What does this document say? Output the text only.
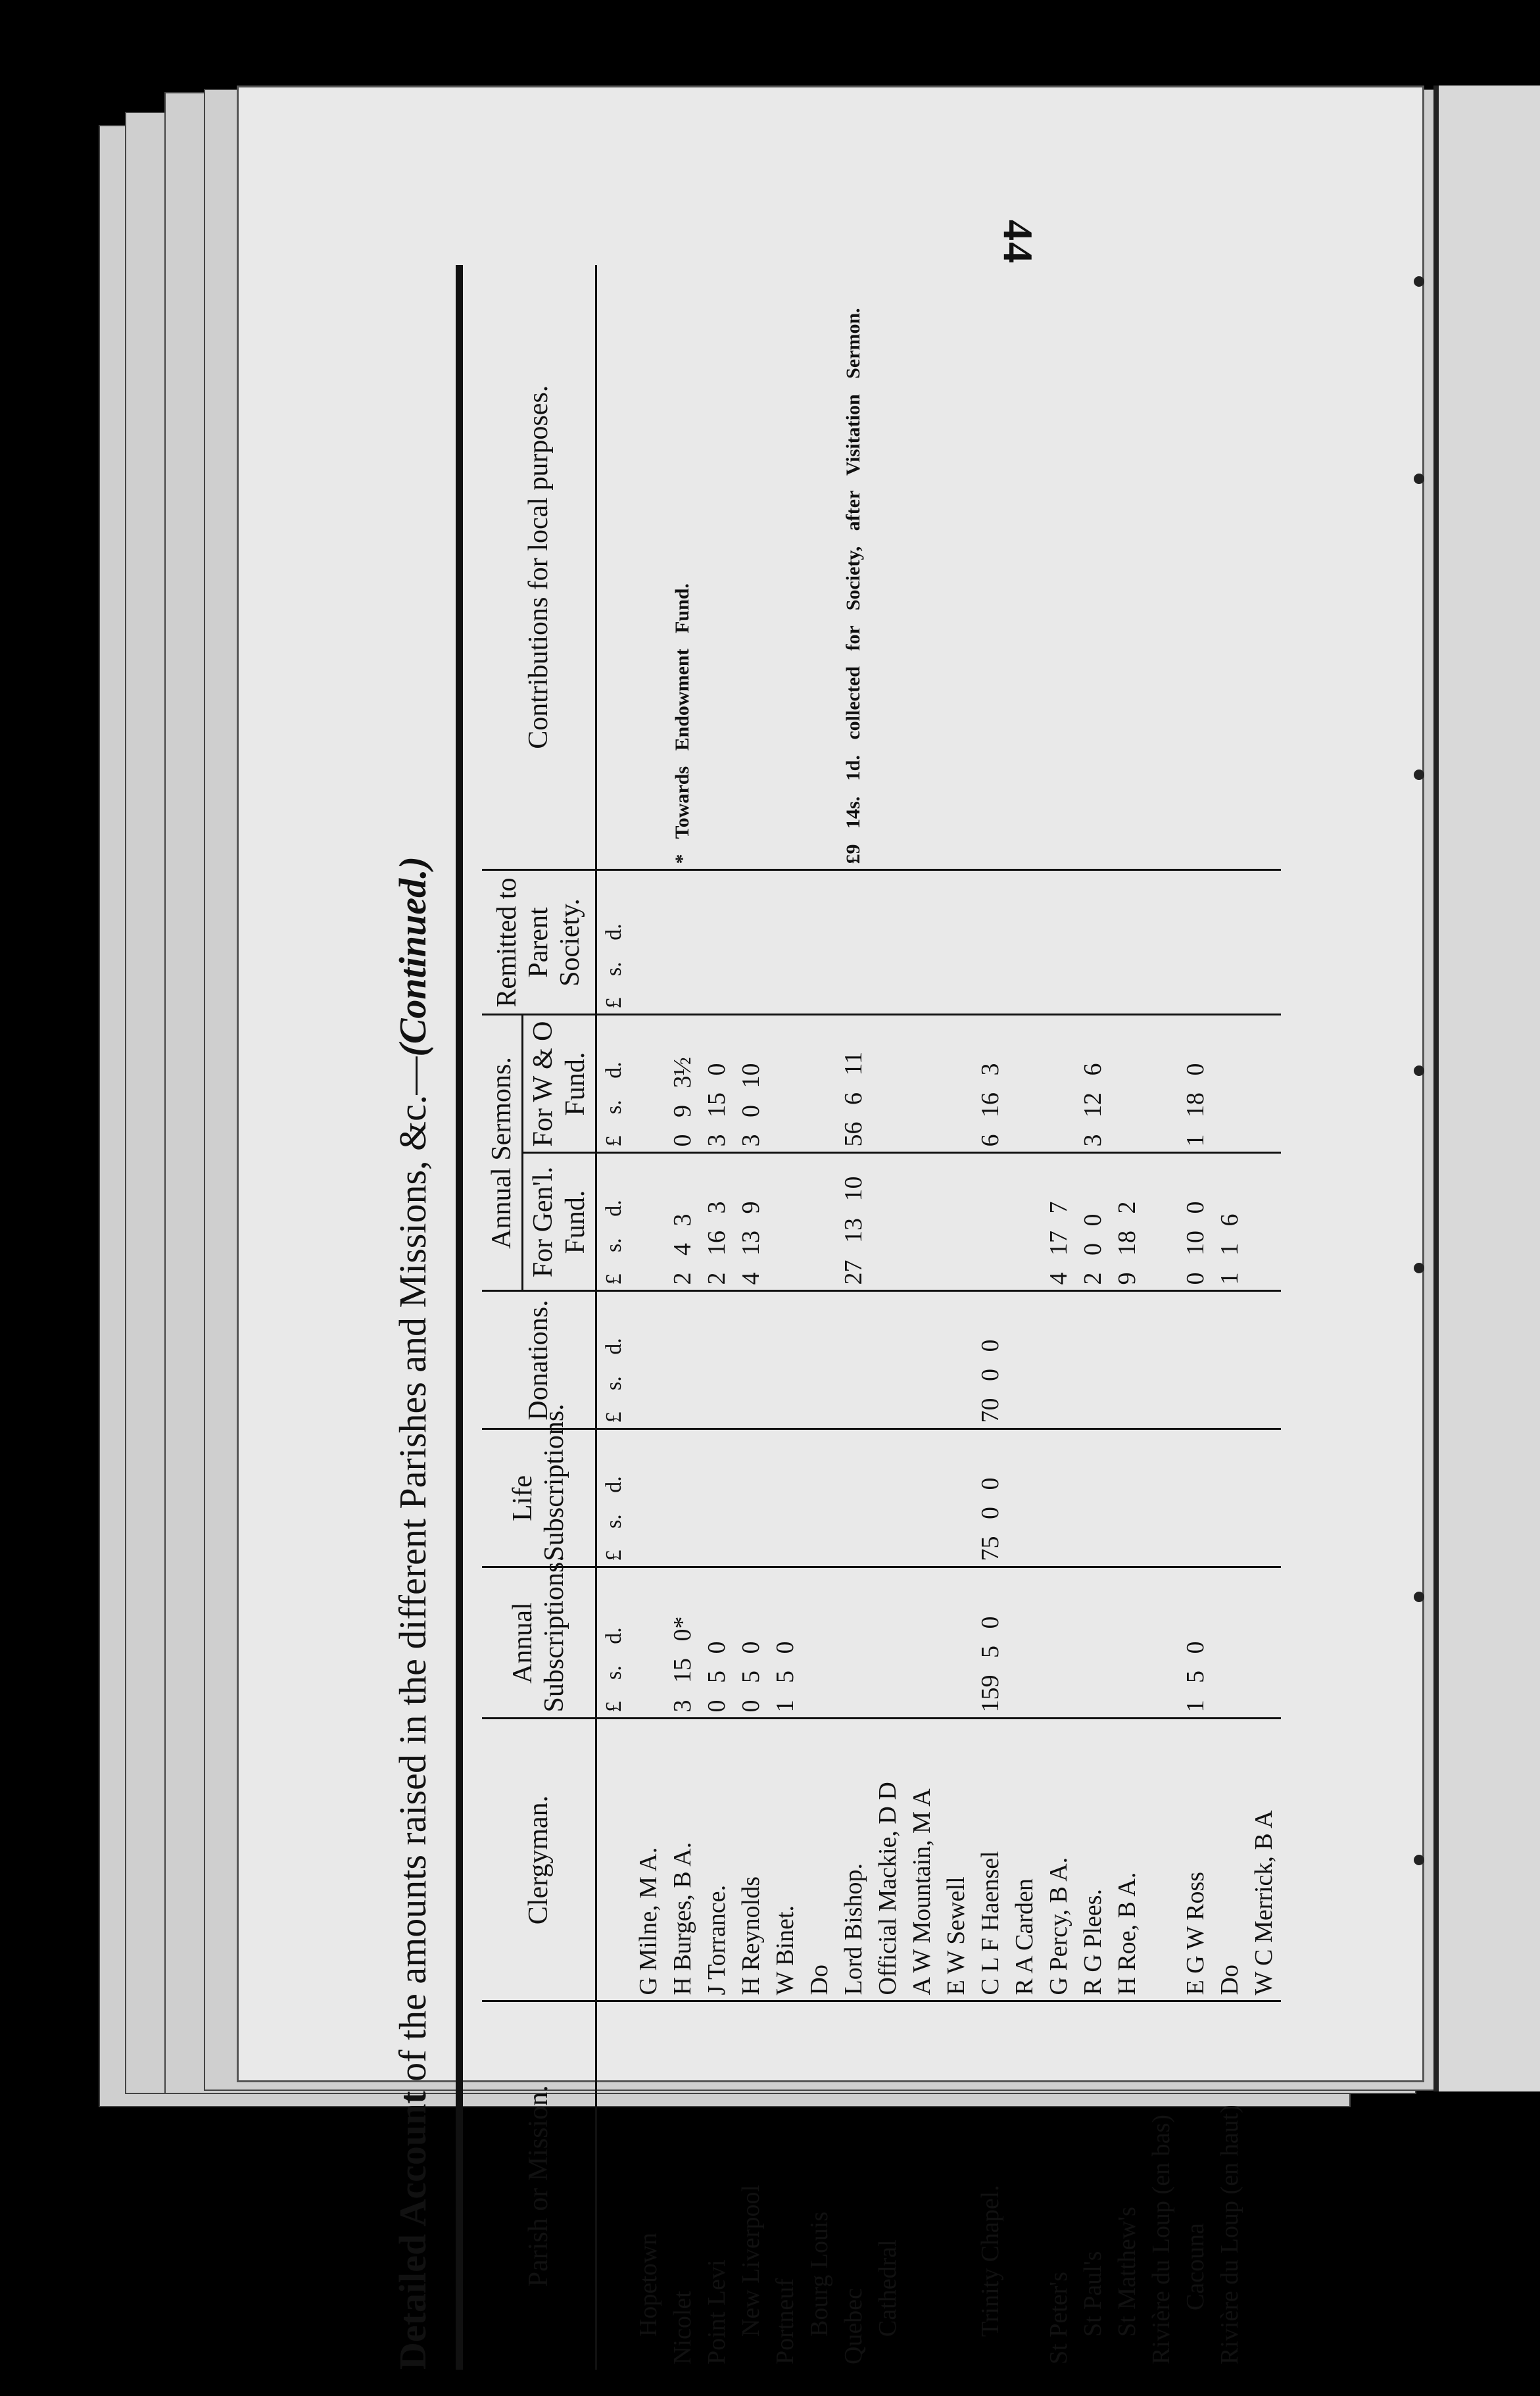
44
Detailed Account of the amounts raised in the different Parishes and Missions, &c.—(Continued.)
Parish or Mission.	Clergyman.	Annual Subscriptions.	Life Subscriptions.	Donations.	Annual Sermons.		Remitted to Parent Society.	Contributions for local purposes.
					For Gen'l. Fund.	For W & O Fund.		
		£ s. d.	£ s. d.	£ s. d.	£ s. d.	£ s. d.	£ s. d.	
Hopetown	G Milne, M A.							
Nicolet	H Burges, B A.	3 15 0*			2 4 3	0 9 3½		* Towards Endowment Fund.
Point Levi	J Torrance.	0 5 0			2 16 3	3 15 0		
New Liverpool	H Reynolds	0 5 0			4 13 9	3 0 10		
Portneuf	W Binet.	1 5 0						
Bourg Louis	Do							
Quebec	Lord Bishop.				27 13 10	56 6 11		£9 14s. 1d. collected for Society, after Visitation Sermon.
Cathedral	Official Mackie, D D							
	A W Mountain, M A							
	E W Sewell							
Trinity Chapel.	C L F Haensel	159 5 0	75 0 0	70 0 0		6 16 3		
	R A Carden							
St Peter's	G Percy, B A.				4 17 7			
St Paul's	R G Plees.				2 0 0	3 12 6		
St Matthew's	H Roe, B A.				9 18 2			
Rivière du Loup (en bas)								
Cacouna	E G W Ross	1 5 0			0 10 0	1 18 0		
Rivière du Loup (en haut)	Do				1 1 6			
	W C Merrick, B A							
